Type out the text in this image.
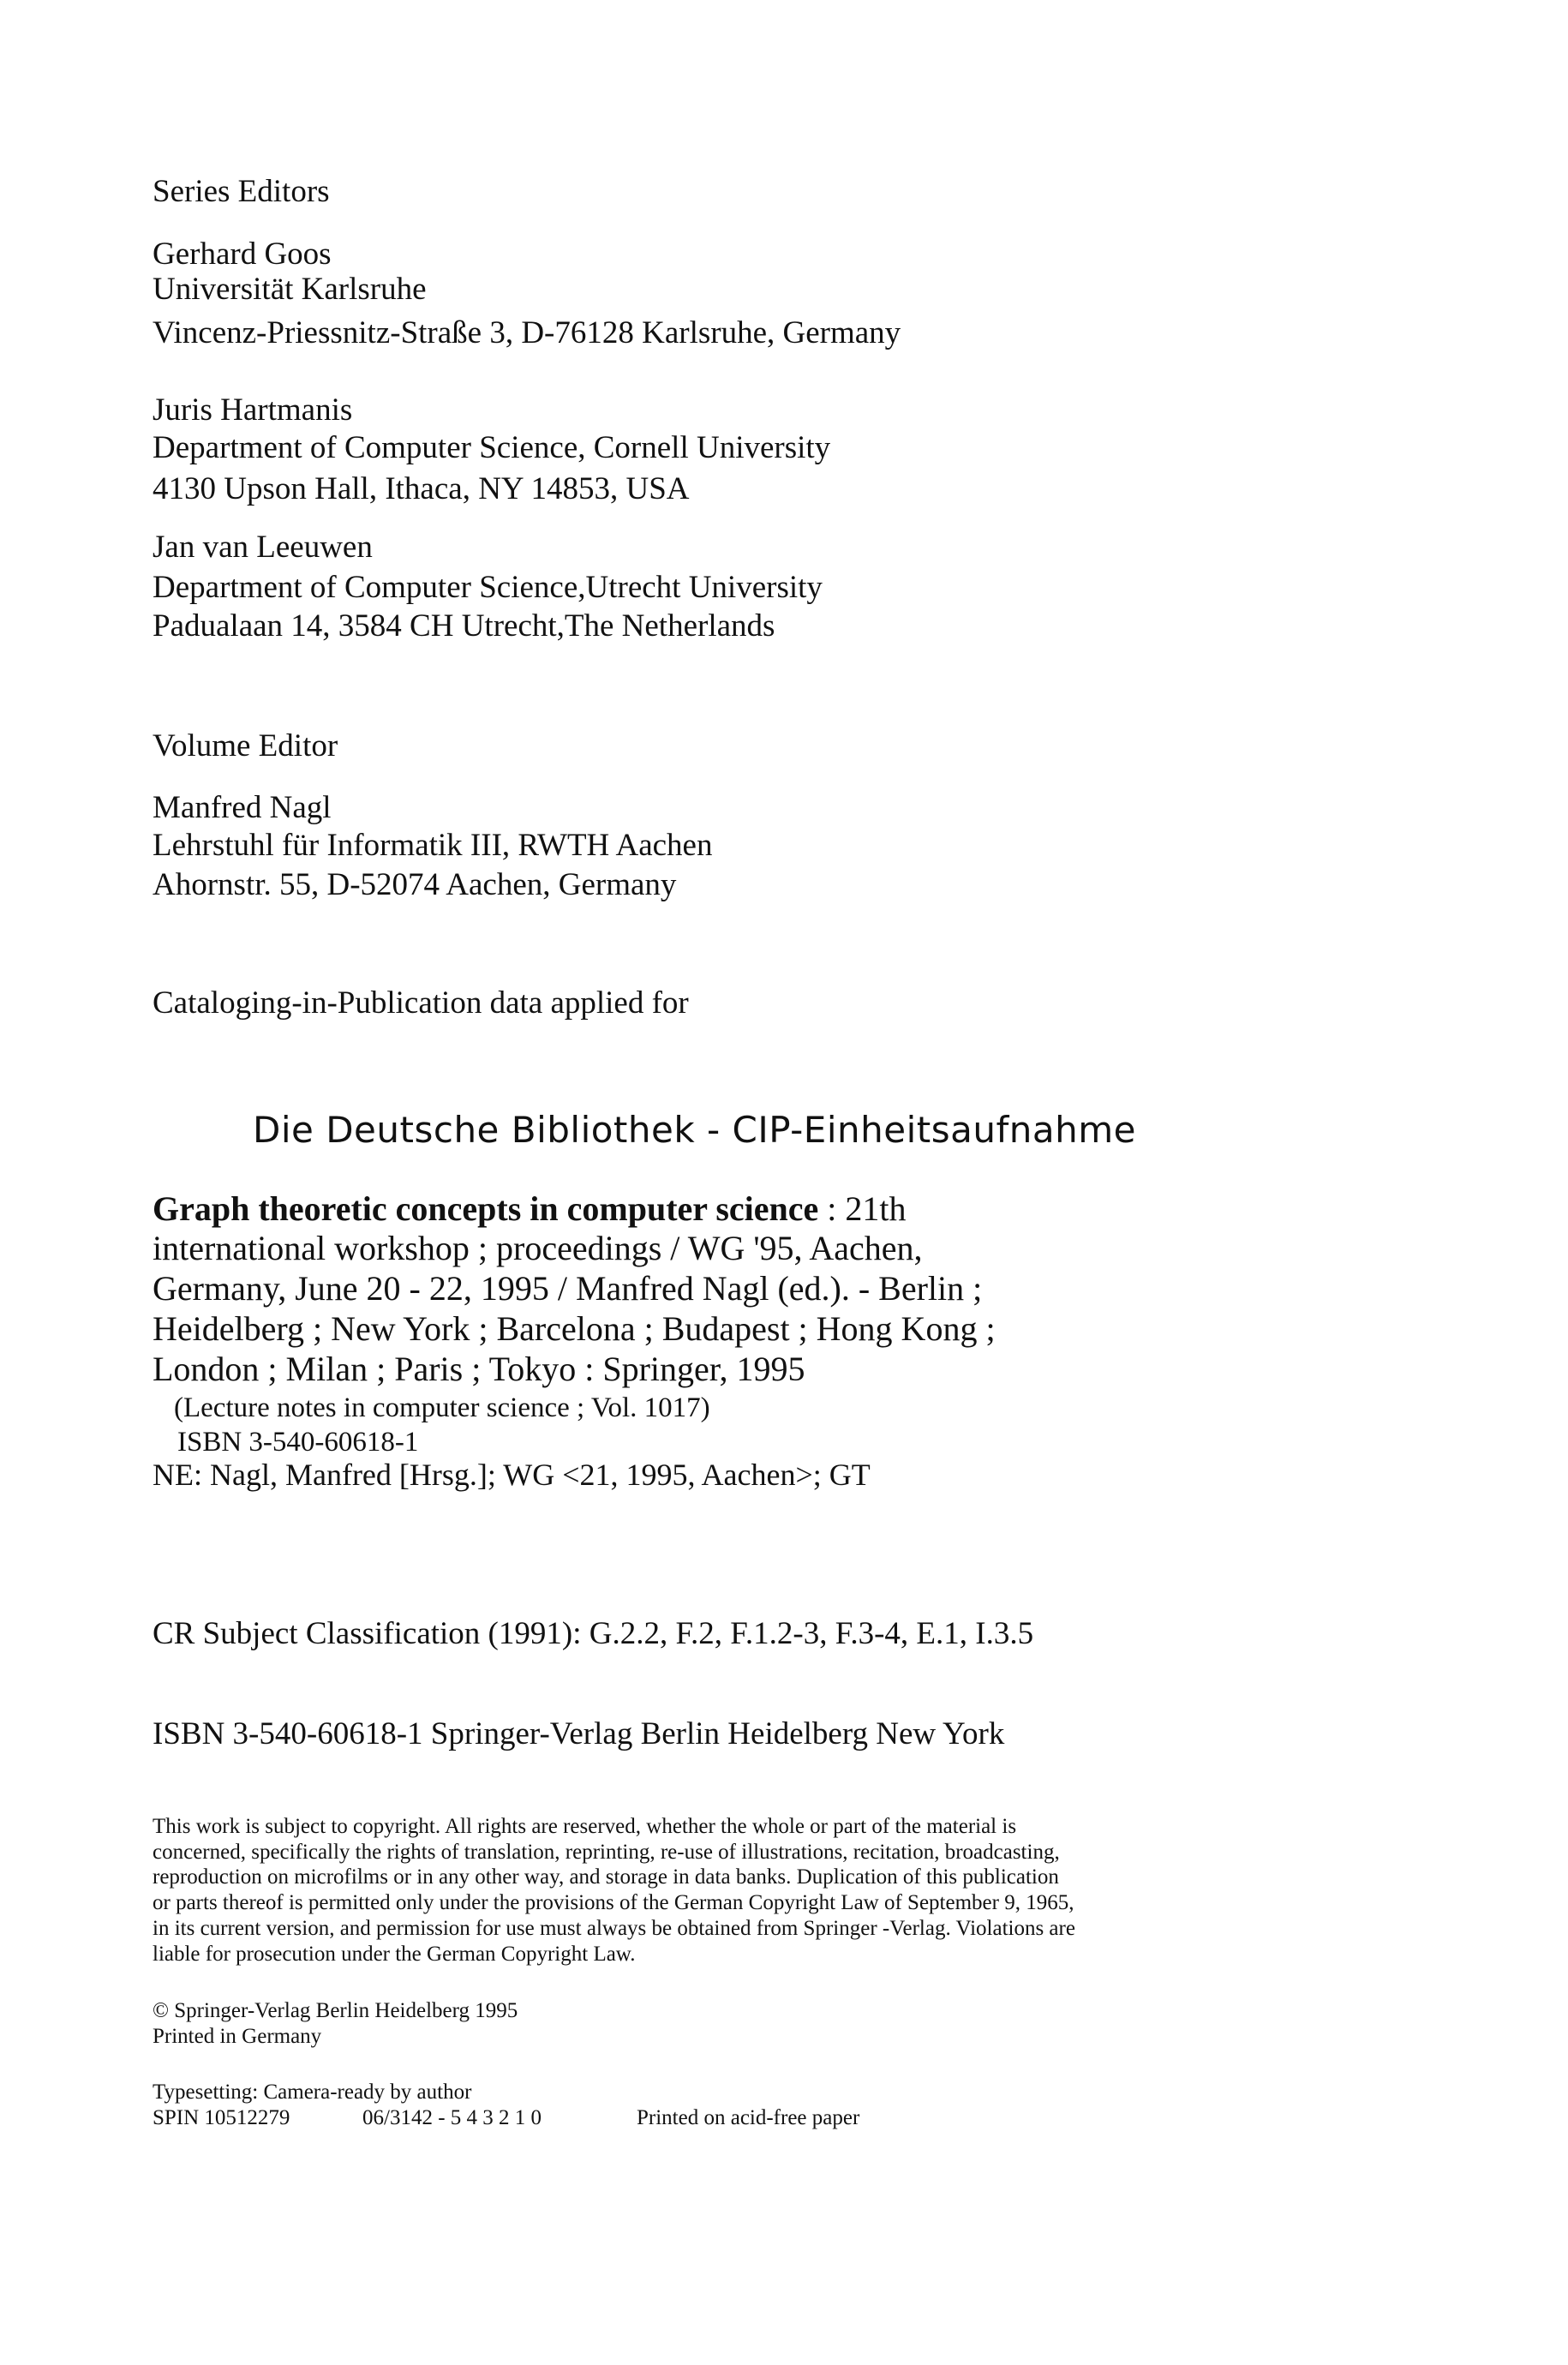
Series Editors
Gerhard Goos
Universität Karlsruhe
Vincenz-Priessnitz-Straße 3, D-76128 Karlsruhe, Germany
Juris Hartmanis
Department of Computer Science, Cornell University
4130 Upson Hall, Ithaca, NY 14853, USA
Jan van Leeuwen
Department of Computer Science,Utrecht University
Padualaan 14, 3584 CH Utrecht,The Netherlands
Volume Editor
Manfred Nagl
Lehrstuhl für Informatik III, RWTH Aachen
Ahornstr. 55, D-52074 Aachen, Germany
Cataloging-in-Publication data applied for
Die Deutsche Bibliothek - CIP-Einheitsaufnahme
Graph theoretic concepts in computer science : 21th
international workshop ; proceedings / WG '95, Aachen,
Germany, June 20 - 22, 1995 / Manfred Nagl (ed.). - Berlin ;
Heidelberg ; New York ; Barcelona ; Budapest ; Hong Kong ;
London ; Milan ; Paris ; Tokyo : Springer, 1995
(Lecture notes in computer science ; Vol. 1017)
ISBN 3-540-60618-1
NE: Nagl, Manfred [Hrsg.]; WG <21, 1995, Aachen>; GT
CR Subject Classification (1991): G.2.2, F.2, F.1.2-3, F.3-4, E.1, I.3.5
ISBN 3-540-60618-1 Springer-Verlag Berlin Heidelberg New York
This work is subject to copyright. All rights are reserved, whether the whole or part of the material is
concerned, specifically the rights of translation, reprinting, re-use of illustrations, recitation, broadcasting,
reproduction on microfilms or in any other way, and storage in data banks. Duplication of this publication
or parts thereof is permitted only under the provisions of the German Copyright Law of September 9, 1965,
in its current version, and permission for use must always be obtained from Springer -Verlag. Violations are
liable for prosecution under the German Copyright Law.
© Springer-Verlag Berlin Heidelberg 1995
Printed in Germany
Typesetting: Camera-ready by author
SPIN 10512279	06/3142 - 5 4 3 2 1 0	Printed on acid-free paper
